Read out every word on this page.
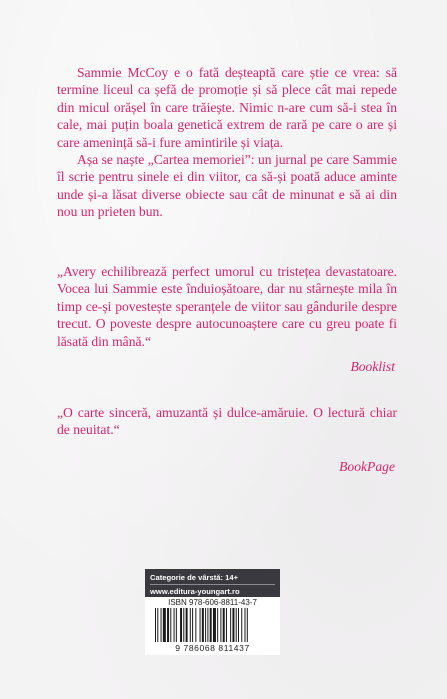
Sammie McCoy e o fată deșteaptă care știe ce vrea: să termine liceul ca șefă de promoție și să plece cât mai repede din micul orășel în care trăiește. Nimic n-are cum să-i stea în cale, mai puțin boala genetică extrem de rară pe care o are și care amenință să-i fure amintirile și viața.

Așa se naște „Cartea memoriei”: un jurnal pe care Sammie îl scrie pentru sinele ei din viitor, ca să-și poată aduce aminte unde și-a lăsat diverse obiecte sau cât de minunat e să ai din nou un prieten bun.

„Avery echilibrează perfect umorul cu tristețea devastatoare. Vocea lui Sammie este înduioșătoare, dar nu stârnește mila în timp ce-și povestește speranțele de viitor sau gândurile despre trecut. O poveste despre autocunoaștere care cu greu poate fi lăsată din mână.“

Booklist

„O carte sinceră, amuzantă și dulce-amăruie. O lectură chiar de neuitat.“

BookPage
Categorie de vârstă: 14+
www.editura-youngart.ro
ISBN 978-606-8811-43-7
9 786068 811437
